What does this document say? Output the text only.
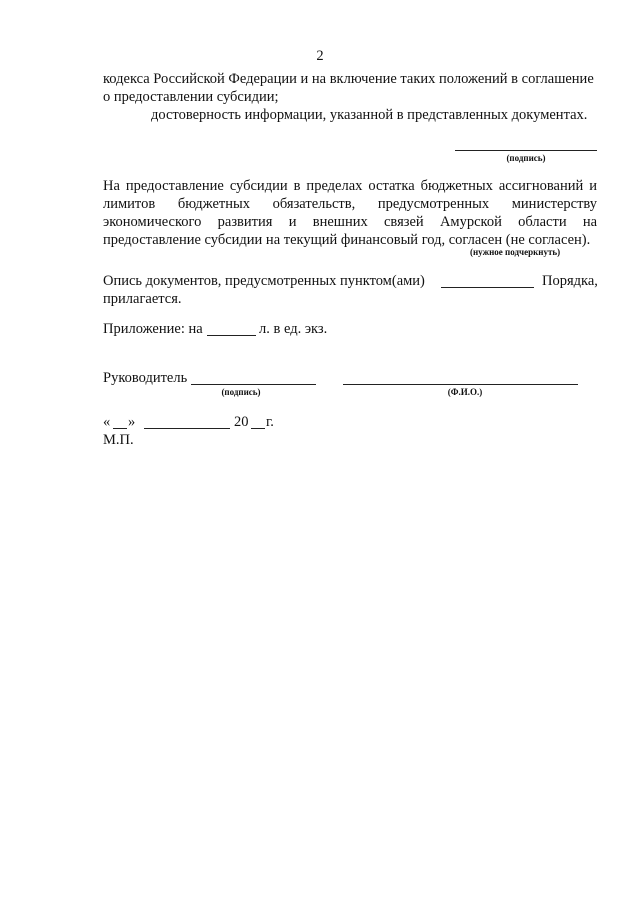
2
кодекса Российской Федерации и на включение таких положений в соглашение
о предоставлении субсидии;
достоверность информации, указанной в представленных документах.
(подпись)
На предоставление субсидии в пределах остатка бюджетных ассигнований и
лимитов бюджетных обязательств, предусмотренных министерству
экономического развития и внешних связей Амурской области на
предоставление субсидии на текущий финансовый год, согласен (не согласен).
(нужное подчеркнуть)
Опись документов, предусмотренных пунктом(ами)	Порядка,
прилагается.
Приложение: на	л. в ед. экз.
Руководитель
(подпись)	(Ф.И.О.)
« »	20 г.
М.П.
